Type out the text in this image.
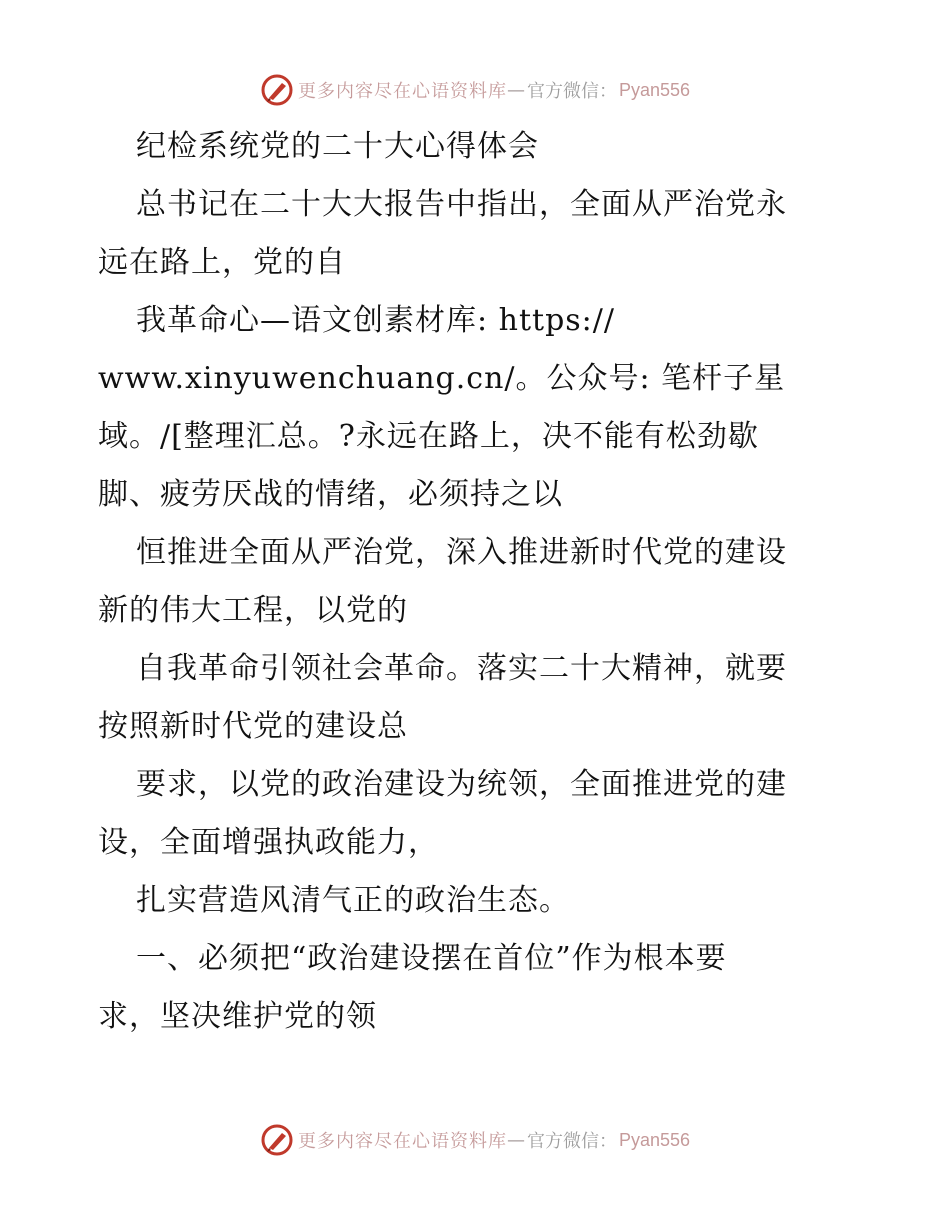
更多内容尽在心语资料库 — 官方微信： Pyan556
纪检系统党的二十大心得体会
总书记在二十大大报告中指出，全面从严治党永
远在路上，党的自
我革命心—语文创素材库: https://
www.xinyuwenchuang.cn/。公众号: 笔杆子星
域。/[整理汇总。?永远在路上，决不能有松劲歇
脚、疲劳厌战的情绪，必须持之以
恒推进全面从严治党，深入推进新时代党的建设
新的伟大工程，以党的
自我革命引领社会革命。落实二十大精神，就要
按照新时代党的建设总
要求，以党的政治建设为统领，全面推进党的建
设，全面增强执政能力，
扎实营造风清气正的政治生态。
一、必须把“政治建设摆在首位”作为根本要
求，坚决维护党的领
更多内容尽在心语资料库 — 官方微信： Pyan556
